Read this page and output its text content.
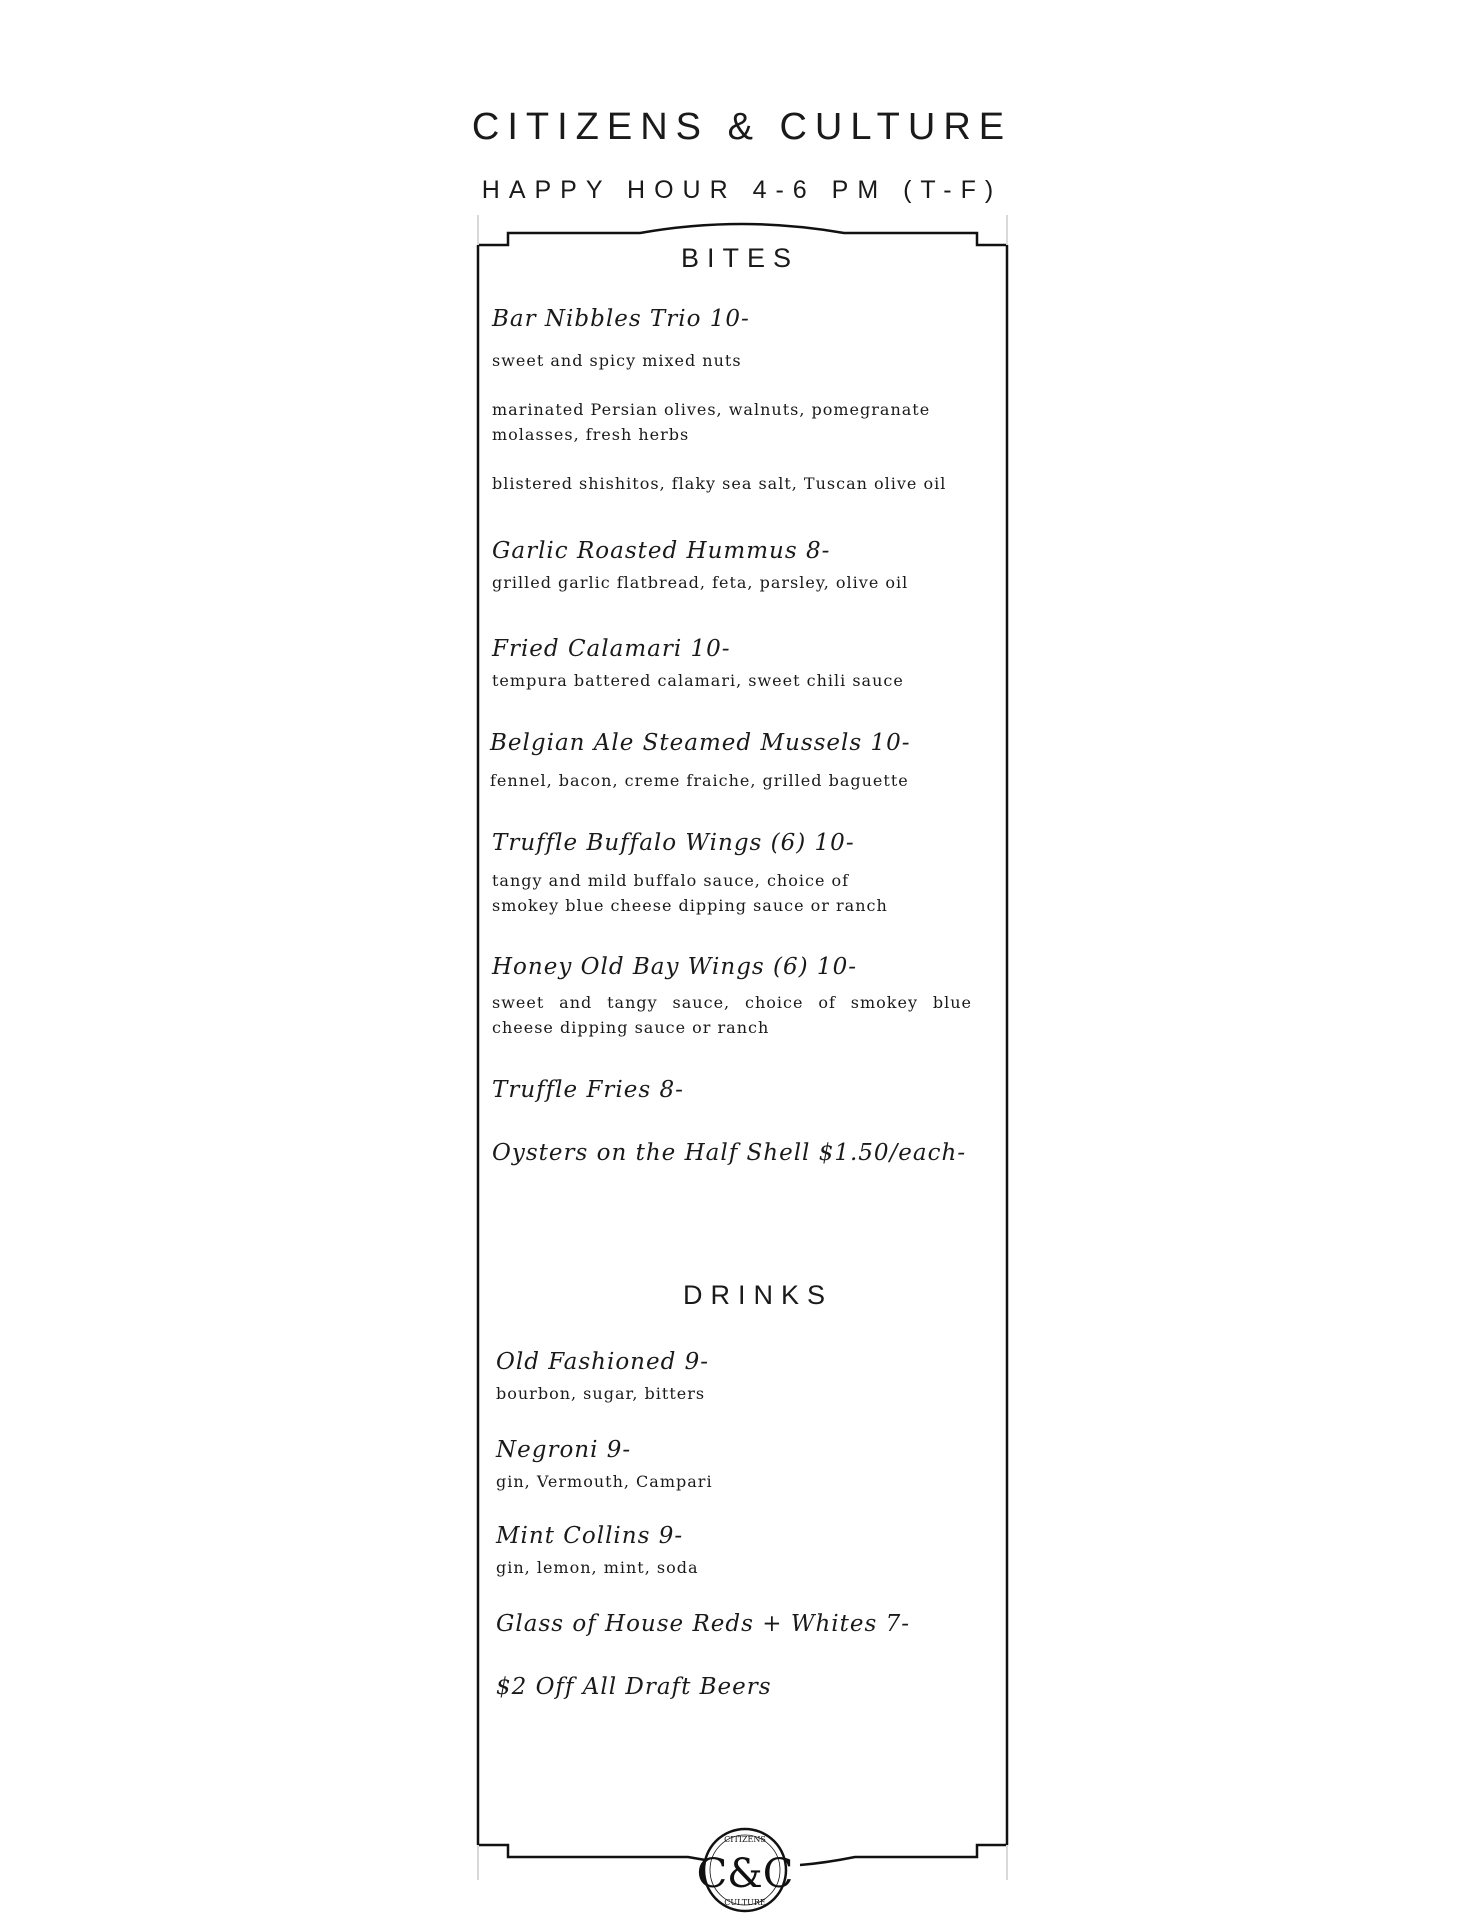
CITIZENS & CULTURE
HAPPY HOUR 4-6 PM (T-F)
C&C
CITIZENS
CULTURE
BITES
Bar Nibbles Trio 10-

sweet and spicy mixed nuts

marinated Persian olives, walnuts, pomegranate molasses, fresh herbs

blistered shishitos, flaky sea salt, Tuscan olive oil

Garlic Roasted Hummus 8-
grilled garlic flatbread, feta, parsley, olive oil
Fried Calamari 10-
tempura battered calamari, sweet chili sauce
Belgian Ale Steamed Mussels 10-
fennel, bacon, creme fraiche, grilled baguette
Truffle Buffalo Wings (6) 10-
tangy and mild buffalo sauce, choice of smokey blue cheese dipping sauce or ranch
Honey Old Bay Wings (6) 10-
sweet and tangy sauce, choice of smokey blue cheese dipping sauce or ranch
Truffle Fries 8-
Oysters on the Half Shell $1.50/each-
DRINKS
Old Fashioned 9-
bourbon, sugar, bitters
Negroni 9-
gin, Vermouth, Campari
Mint Collins 9-
gin, lemon, mint, soda
Glass of House Reds + Whites 7-
$2 Off All Draft Beers
